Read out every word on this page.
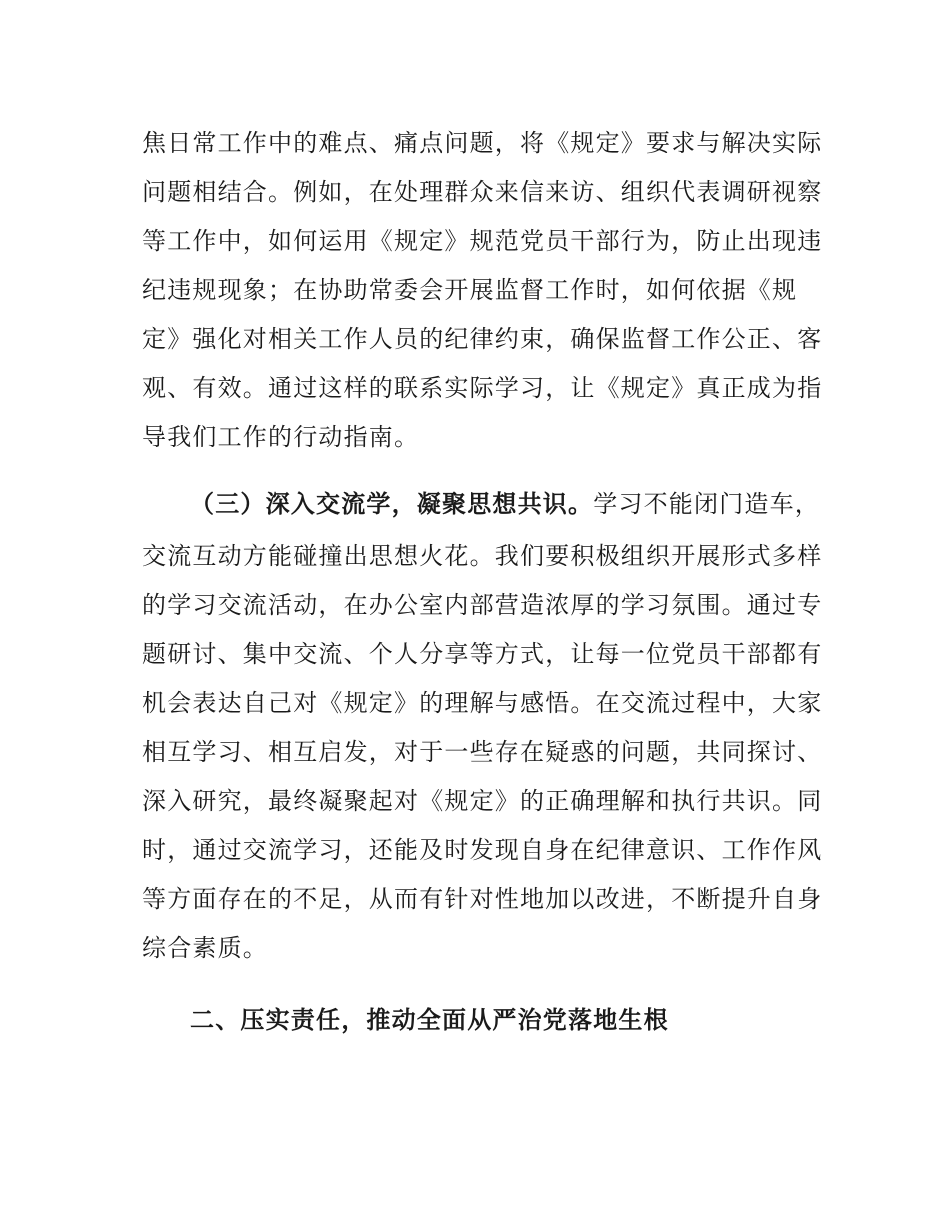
焦日常工作中的难点、痛点问题，将《规定》要求与解决实际
问题相结合。例如，在处理群众来信来访、组织代表调研视察
等工作中，如何运用《规定》规范党员干部行为，防止出现违
纪违规现象；在协助常委会开展监督工作时，如何依据《规
定》强化对相关工作人员的纪律约束，确保监督工作公正、客
观、有效。通过这样的联系实际学习，让《规定》真正成为指
导我们工作的行动指南。
（三）深入交流学，凝聚思想共识。学习不能闭门造车，
交流互动方能碰撞出思想火花。我们要积极组织开展形式多样
的学习交流活动，在办公室内部营造浓厚的学习氛围。通过专
题研讨、集中交流、个人分享等方式，让每一位党员干部都有
机会表达自己对《规定》的理解与感悟。在交流过程中，大家
相互学习、相互启发，对于一些存在疑惑的问题，共同探讨、
深入研究，最终凝聚起对《规定》的正确理解和执行共识。同
时，通过交流学习，还能及时发现自身在纪律意识、工作作风
等方面存在的不足，从而有针对性地加以改进，不断提升自身
综合素质。
二、压实责任，推动全面从严治党落地生根
